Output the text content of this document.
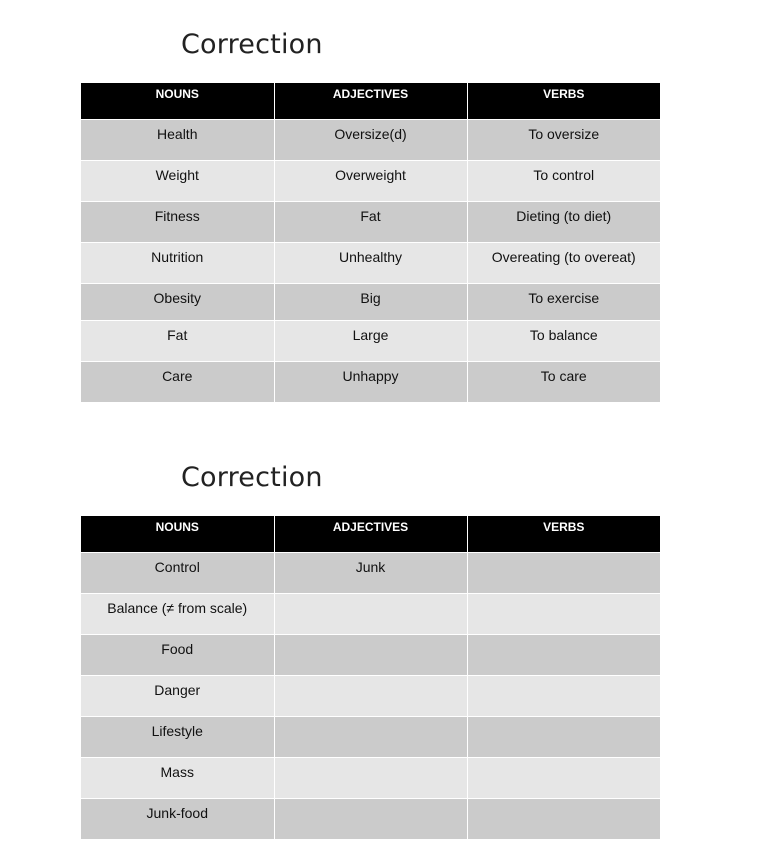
Correction
NOUNS	ADJECTIVES	VERBS
Health	Oversize(d)	To oversize
Weight	Overweight	To control
Fitness	Fat	Dieting (to diet)
Nutrition	Unhealthy	Overeating (to overeat)
Obesity	Big	To exercise
Fat	Large	To balance
Care	Unhappy	To care
Correction
NOUNS	ADJECTIVES	VERBS
Control	Junk	
Balance (≠ from scale)		
Food		
Danger		
Lifestyle		
Mass		
Junk-food		
